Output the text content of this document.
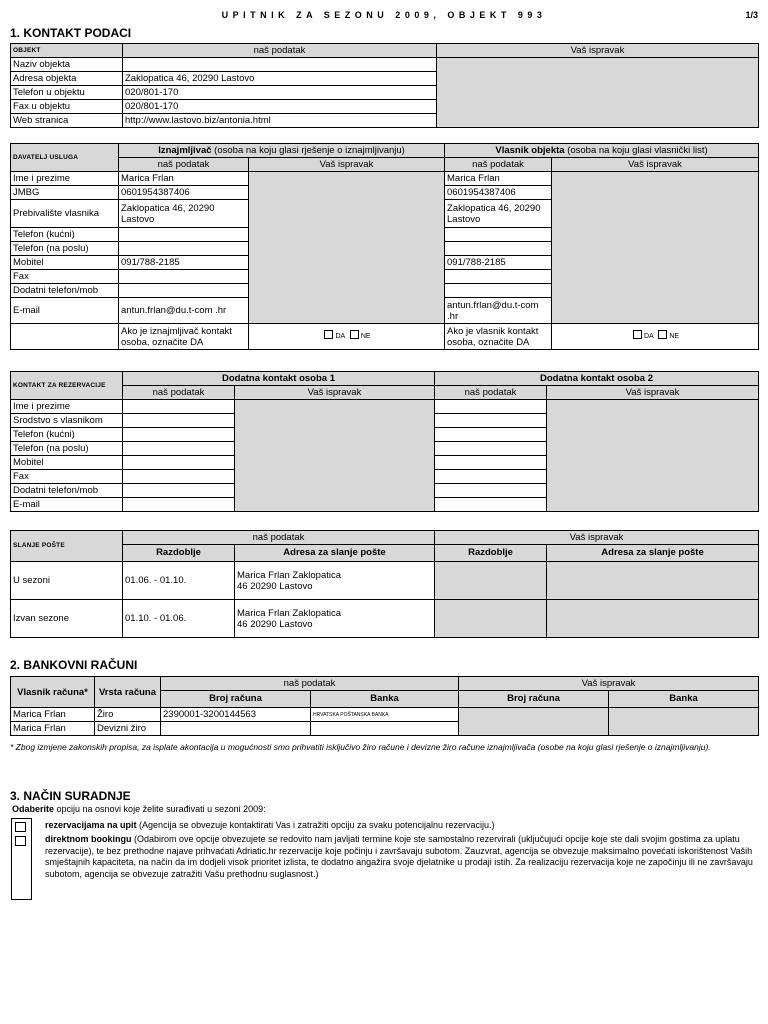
UPITNIK ZA SEZONU 2009, OBJEKT 993	1/3
1. KONTAKT PODACI
OBJEKT	naš podatak	Vaš ispravak
Naziv objekta		
Adresa objekta	Zaklopatica 46, 20290 Lastovo	
Telefon u objektu	020/801-170	
Fax u objektu	020/801-170	
Web stranica	http://www.lastovo.biz/antonia.html	
DAVATELJ USLUGA	Iznajmljivač (osoba na koju glasi rješenje o iznajmljivanju)		Vlasnik objekta (osoba na koju glasi vlasnički list)	
	naš podatak	Vaš ispravak	naš podatak	Vaš ispravak
Ime i prezime	Marica Frlan		Marica Frlan	
JMBG	0601954387406		0601954387406	
Prebivalište vlasnika	Zaklopatica 46, 20290 Lastovo		Zaklopatica 46, 20290 Lastovo	
Telefon (kućni)				
Telefon (na poslu)				
Mobitel	091/788-2185		091/788-2185	
Fax				
Dodatni telefon/mob				
E-mail	antun.frlan@du.t-com .hr		antun.frlan@du.t-com .hr	
	Ako je iznajmljivač kontakt osoba, označite DA	DA NE	Ako je vlasnik kontakt osoba, označite DA	DA NE
KONTAKT ZA REZERVACIJE	Dodatna kontakt osoba 1		Dodatna kontakt osoba 2	
	naš podatak	Vaš ispravak	naš podatak	Vaš ispravak
Ime i prezime				
Srodstvo s vlasnikom				
Telefon (kućni)				
Telefon (na poslu)				
Mobitel				
Fax				
Dodatni telefon/mob				
E-mail				
SLANJE POŠTE	naš podatak		Vaš ispravak	
	Razdoblje	Adresa za slanje pošte	Razdoblje	Adresa za slanje pošte
U sezoni	01.06. - 01.10.	Marica Frlan Zaklopatica 46 20290 Lastovo		
Izvan sezone	01.10. - 01.06.	Marica Frlan Zaklopatica 46 20290 Lastovo		
2. BANKOVNI RAČUNI
Vlasnik računa*	Vrsta računa	naš podatak		Vaš ispravak	
		Broj računa	Banka	Broj računa	Banka
Marica Frlan	Žiro	2390001-3200144563	HRVATSKA POŠTANSKA BANKA		
Marica Frlan	Devizni žiro				
* Zbog izmjene zakonskih propisa, za isplate akontacija u mogućnosti smo prihvatiti isključivo žiro račune i devizne žiro račune iznajmljivača (osobe na koju glasi rješenje o iznajmljivanju).
3. NAČIN SURADNJE
Odaberite opciju na osnovi koje želite surađivati u sezoni 2009:
rezervacijama na upit (Agencija se obvezuje kontaktirati Vas i zatražiti opciju za svaku potencijalnu rezervaciju.)
direktnom bookingu (Odabirom ove opcije obvezujete se redovito nam javljati termine koje ste samostalno rezervirali (uključujući opcije koje ste dali svojim gostima za uplatu rezervacije), te bez prethodne najave prihvaćati Adriatic.hr rezervacije koje počinju i završavaju subotom. Zauzvrat, agencija se obvezuje maksimalno povećati iskorištenost Vaših smještajnih kapaciteta, na način da im dodjeli visok prioritet izlista, te dodatno angažira svoje djelatnike u prodaji istih. Za realizaciju rezervacija koje ne započinju ili ne završavaju subotom, agencija se obvezuje zatražiti Vašu prethodnu suglasnost.)
